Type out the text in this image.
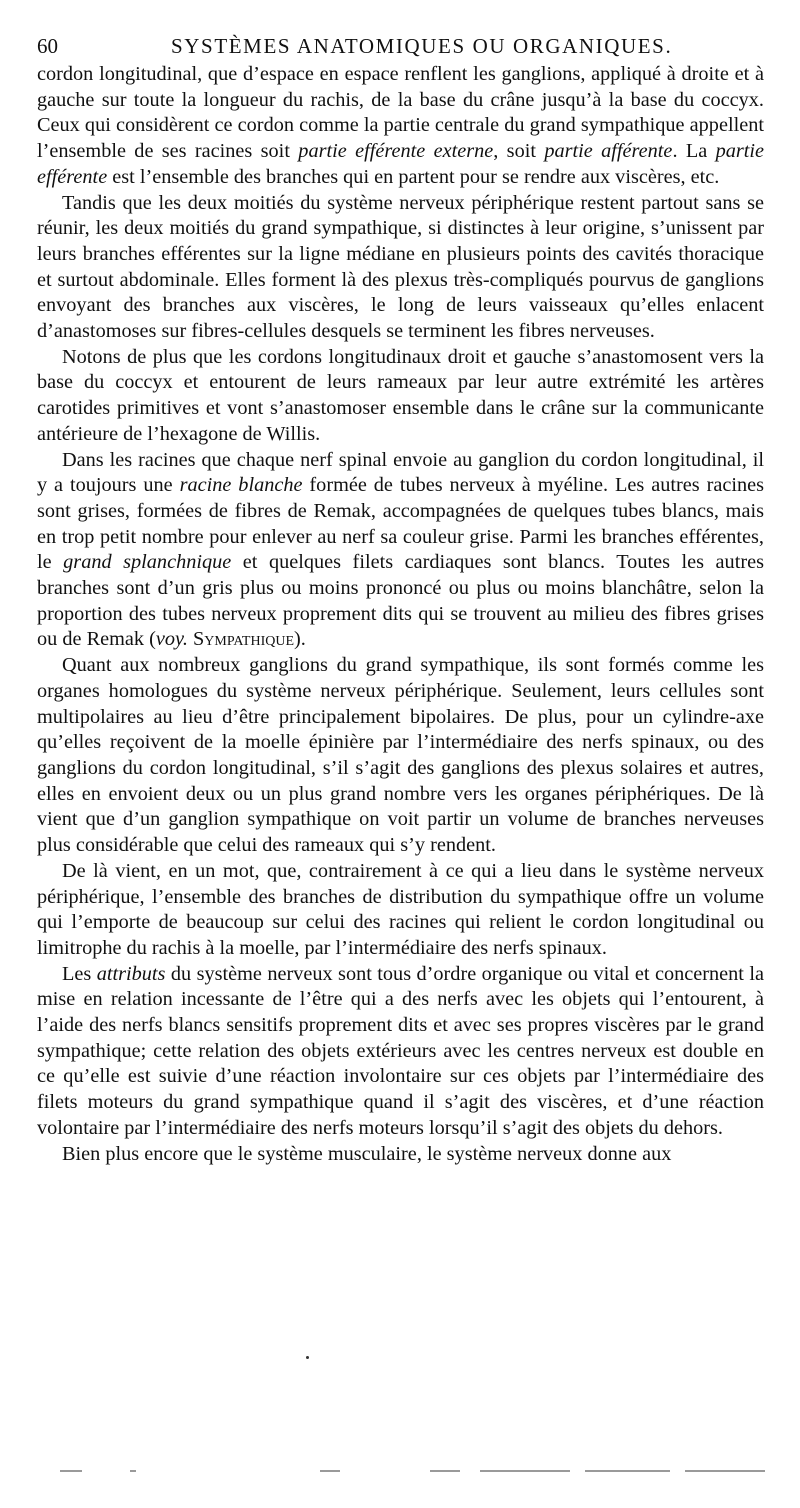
60	SYSTÈMES ANATOMIQUES OU ORGANIQUES.

cordon longitudinal, que d’espace en espace renflent les ganglions, appliqué à droite et à gauche sur toute la longueur du rachis, de la base du crâne jusqu’à la base du coccyx. Ceux qui considèrent ce cordon comme la partie centrale du grand sympathique appellent l’ensemble de ses racines soit partie efférente externe, soit partie afférente. La partie efférente est l’ensemble des branches qui en partent pour se rendre aux viscères, etc.

Tandis que les deux moitiés du système nerveux périphérique restent partout sans se réunir, les deux moitiés du grand sympathique, si distinctes à leur origine, s’unissent par leurs branches efférentes sur la ligne médiane en plusieurs points des cavités thoracique et surtout abdominale. Elles forment là des plexus très-compliqués pourvus de ganglions envoyant des branches aux viscères, le long de leurs vaisseaux qu’elles enlacent d’anastomoses sur fibres-cellules desquels se terminent les fibres nerveuses.

Notons de plus que les cordons longitudinaux droit et gauche s’anastomosent vers la base du coccyx et entourent de leurs rameaux par leur autre extrémité les artères carotides primitives et vont s’anastomoser ensemble dans le crâne sur la communicante antérieure de l’hexagone de Willis.

Dans les racines que chaque nerf spinal envoie au ganglion du cordon longitudinal, il y a toujours une racine blanche formée de tubes nerveux à myéline. Les autres racines sont grises, formées de fibres de Remak, accompagnées de quelques tubes blancs, mais en trop petit nombre pour enlever au nerf sa couleur grise. Parmi les branches efférentes, le grand splanchnique et quelques filets cardiaques sont blancs. Toutes les autres branches sont d’un gris plus ou moins prononcé ou plus ou moins blanchâtre, selon la proportion des tubes nerveux proprement dits qui se trouvent au milieu des fibres grises ou de Remak (voy. Sympathique).

Quant aux nombreux ganglions du grand sympathique, ils sont formés comme les organes homologues du système nerveux périphérique. Seulement, leurs cellules sont multipolaires au lieu d’être principalement bipolaires. De plus, pour un cylindre-axe qu’elles reçoivent de la moelle épinière par l’intermédiaire des nerfs spinaux, ou des ganglions du cordon longitudinal, s’il s’agit des ganglions des plexus solaires et autres, elles en envoient deux ou un plus grand nombre vers les organes périphériques. De là vient que d’un ganglion sympathique on voit partir un volume de branches nerveuses plus considérable que celui des rameaux qui s’y rendent.

De là vient, en un mot, que, contrairement à ce qui a lieu dans le système nerveux périphérique, l’ensemble des branches de distribution du sympathique offre un volume qui l’emporte de beaucoup sur celui des racines qui relient le cordon longitudinal ou limitrophe du rachis à la moelle, par l’intermédiaire des nerfs spinaux.

Les attributs du système nerveux sont tous d’ordre organique ou vital et concernent la mise en relation incessante de l’être qui a des nerfs avec les objets qui l’entourent, à l’aide des nerfs blancs sensitifs proprement dits et avec ses propres viscères par le grand sympathique; cette relation des objets extérieurs avec les centres nerveux est double en ce qu’elle est suivie d’une réaction involontaire sur ces objets par l’intermédiaire des filets moteurs du grand sympathique quand il s’agit des viscères, et d’une réaction volontaire par l’intermédiaire des nerfs moteurs lorsqu’il s’agit des objets du dehors.

Bien plus encore que le système musculaire, le système nerveux donne aux
